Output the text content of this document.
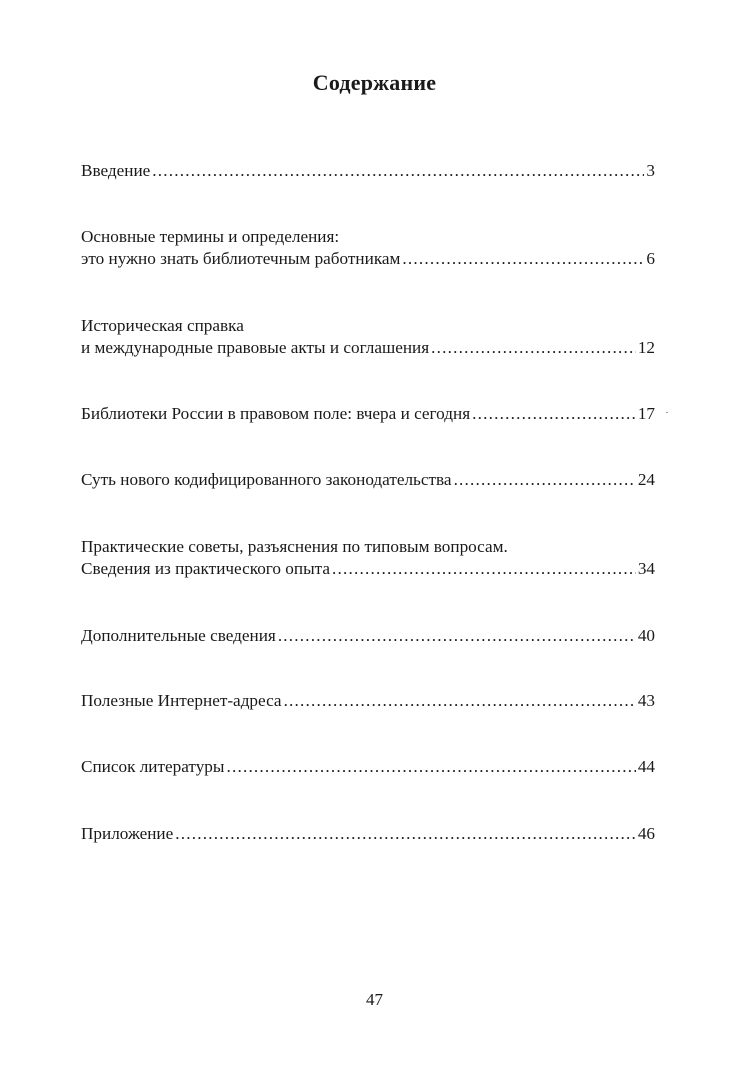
Содержание
Введение .....	3
Основные термины и определения:
это нужно знать библиотечным работникам .....	6
Историческая справка
и международные правовые акты и соглашения .....	12
Библиотеки России в правовом поле: вчера и сегодня .....	17
Суть нового кодифицированного законодательства .....	24
Практические советы, разъяснения по типовым вопросам.
Сведения из практического опыта .....	34
Дополнительные сведения .....	40
Полезные Интернет-адреса .....	43
Список литературы .....	44
Приложение .....	46
47
